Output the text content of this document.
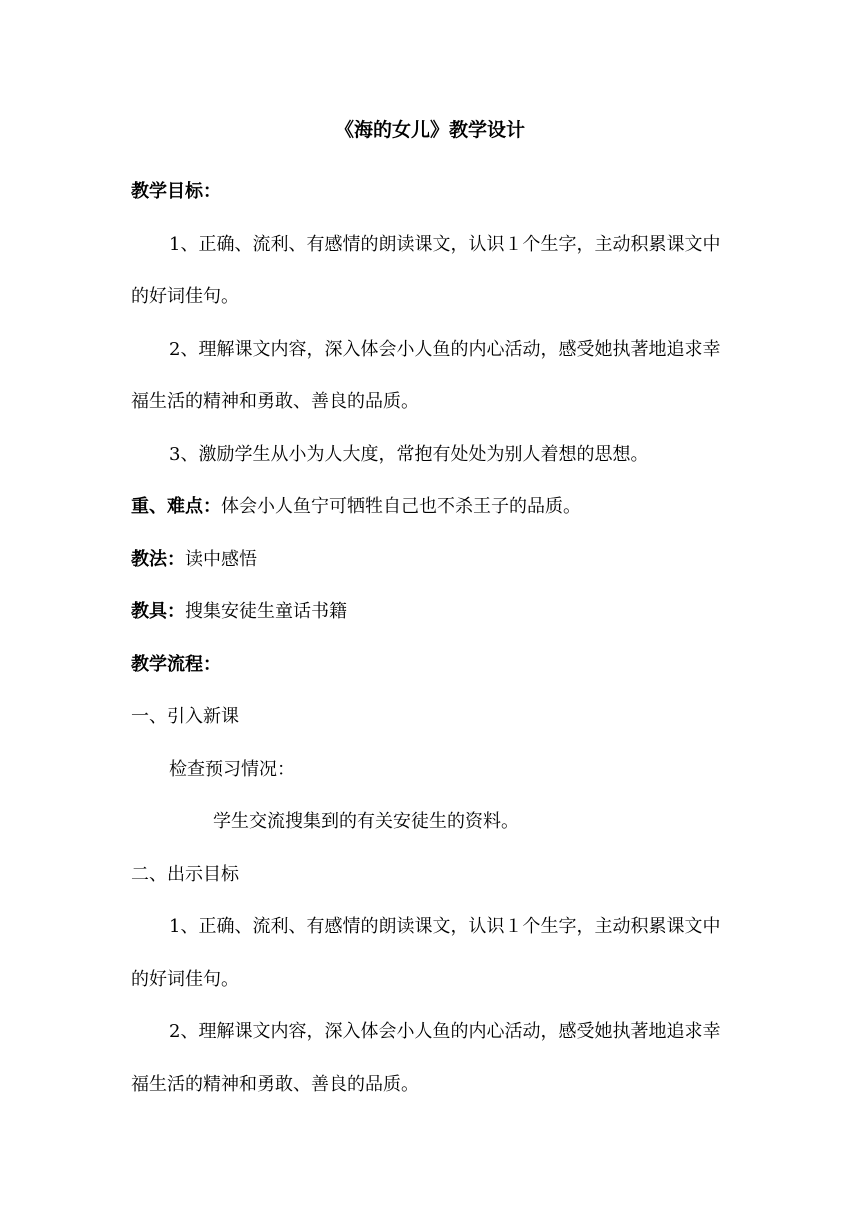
《海的女儿》教学设计

教学目标：

1、正确、流利、有感情的朗读课文，认识１个生字，主动积累课文中的好词佳句。

2、理解课文内容，深入体会小人鱼的内心活动，感受她执著地追求幸福生活的精神和勇敢、善良的品质。

3、激励学生从小为人大度，常抱有处处为别人着想的思想。

重、难点：体会小人鱼宁可牺牲自己也不杀王子的品质。

教法：读中感悟

教具：搜集安徒生童话书籍

教学流程：

一、引入新课

检查预习情况：

学生交流搜集到的有关安徒生的资料。

二、出示目标

1、正确、流利、有感情的朗读课文，认识１个生字，主动积累课文中的好词佳句。

2、理解课文内容，深入体会小人鱼的内心活动，感受她执著地追求幸福生活的精神和勇敢、善良的品质。
